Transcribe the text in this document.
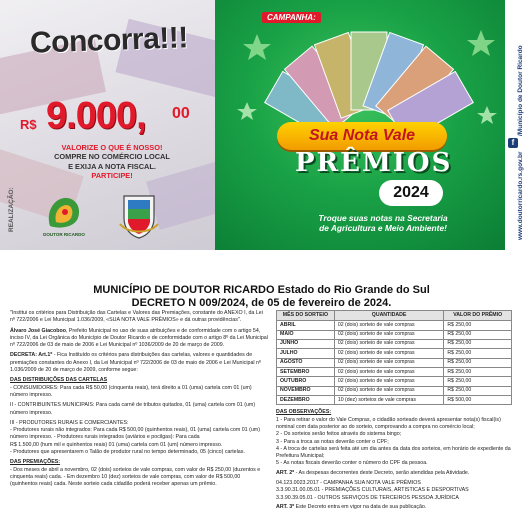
Concorra!!!
R$ 9.000, 00
VALORIZE O QUE É NOSSO!
COMPRE NO COMÉRCIO LOCAL E EXIJA A NOTA FISCAL.
PARTICIPE!
REALIZAÇÃO:
DOUTOR RICARDO
CAMPANHA:
Sua Nota Vale
PRÊMIOS
2024
Troque suas notas na Secretaria
de Agricultura e Meio Ambiente!	www.doutorricardo.rs.gov.br
/Município de Doutor Ricardo
f
MUNICÍPIO DE DOUTOR RICARDO Estado do Rio Grande do Sul
DECRETO N 009/2024, de 05 de fevereiro de 2024.

"Institui os critérios para Distribuição das Cartelas e Valores das Premiações, constante do ANEXO I, da Lei nº 722/2006 e Lei Municipal 1.036/2009, «SUA NOTA VALE PRÊMIOS» e dá outras providências".

Álvaro José Giacoboo, Prefeito Municipal no uso de suas atribuições e de conformidade com o artigo 54, inciso IV, da Lei Orgânica do Município de Doutor Ricardo e de conformidade com o artigo 8º da Lei Municipal nº 722/2006 de 03 de maio de 2006 e Lei Municipal nº 1036/2009 de 20 de março de 2009.

DECRETA: Art.1º - Fica Instituído os critérios para distribuições das cartelas, valores e quantidades de premiações constantes do Anexo I, da Lei Municipal nº 722/2006 de 03 de maio de 2006 e Lei Municipal nº 1.036/2009 de 20 de março de 2009, conforme segue:

DAS DISTRIBUIÇÕES DAS CARTELAS

- CONSUMIDORES: Para cada R$ 50,00 (cinquenta reais), terá direito a 01 (uma) cartela com 01 (um) número impresso.

II - CONTRIBUINTES MUNICIPAIS: Para cada carnê de tributos quitados, 01 (uma) cartela com 01 (um) número impresso.

III - PRODUTORES RURAIS E COMERCIANTES:

- Produtores rurais não integrados: Para cada R$ 500,00 (quinhentos reais), 01 (uma) cartela com 01 (um) número impresso. - Produtores rurais integrados (aviários e pocilgas): Para cada

R$ 1.500,00 (hum mil e quinhentos reais) 01 (uma) cartela com 01 (um) número impresso.

- Produtores que apresentarem o Talão de produtor rural no tempo determinado, 05 (cinco) cartelas.

DAS PREMIAÇÕES:

- Dos meses de abril a novembro, 02 (dois) sorteios de vale compras, com valor de R$ 250,00 (duzentos e cinquenta reais) cada. - Em dezembro 10 (dez) sorteios de vale compras, com valor de R$ 500,00 (quinhentos reais) cada. Neste sorteio cada cidadão poderá receber apenas um prêmio.

MÊS DO SORTEIO	QUANTIDADE	VALOR DO PRÊMIO
ABRIL	02 (dois) sorteio de vale compras	R$ 250,00
MAIO	02 (dois) sorteio de vale compras	R$ 250,00
JUNHO	02 (dois) sorteio de vale compras	R$ 250,00
JULHO	02 (dois) sorteio de vale compras	R$ 250,00
AGOSTO	02 (dois) sorteio de vale compras	R$ 250,00
SETEMBRO	02 (dois) sorteio de vale compras	R$ 250,00
OUTUBRO	02 (dois) sorteio de vale compras	R$ 250,00
NOVEMBRO	02 (dois) sorteio de vale compras	R$ 250,00
DEZEMBRO	10 (dez) sorteios de vale compras	R$ 500,00

DAS OBSERVAÇÕES:

1 - Para retirar o valor do Vale Compras, o cidadão sorteado deverá apresentar nota(s) fiscal(is) nominal com data posterior ao do sorteio, comprovando a compra no comércio local;

2 - Os sorteios serão feitos através do sistema bingo;

3 - Para a troca as notas deverão conter o CPF;

4 - A troca de cartelas será feita até um dia antes da data dos sorteios, em horário de expediente da Prefeitura Municipal;

5 - As notas fiscais deverão conter o número do CPF da pessoa.

ART. 2º - As despesas decorrentes deste Decreto, serão atendidas pela Atividade.

04.123.0023.2017 - CAMPANHA SUA NOTA VALE PRÊMIOS

3.3.90.31.00.05.01 - PREMIAÇÕES CULTURAIS, ARTISTICAS E DESPORTIVAS

3.3.90.39.05.01 - OUTROS SERVIÇOS DE TERCEIROS PESSOA JURÍDICA

ART. 3º Este Decreto entra em vigor na data de sua publicação.
